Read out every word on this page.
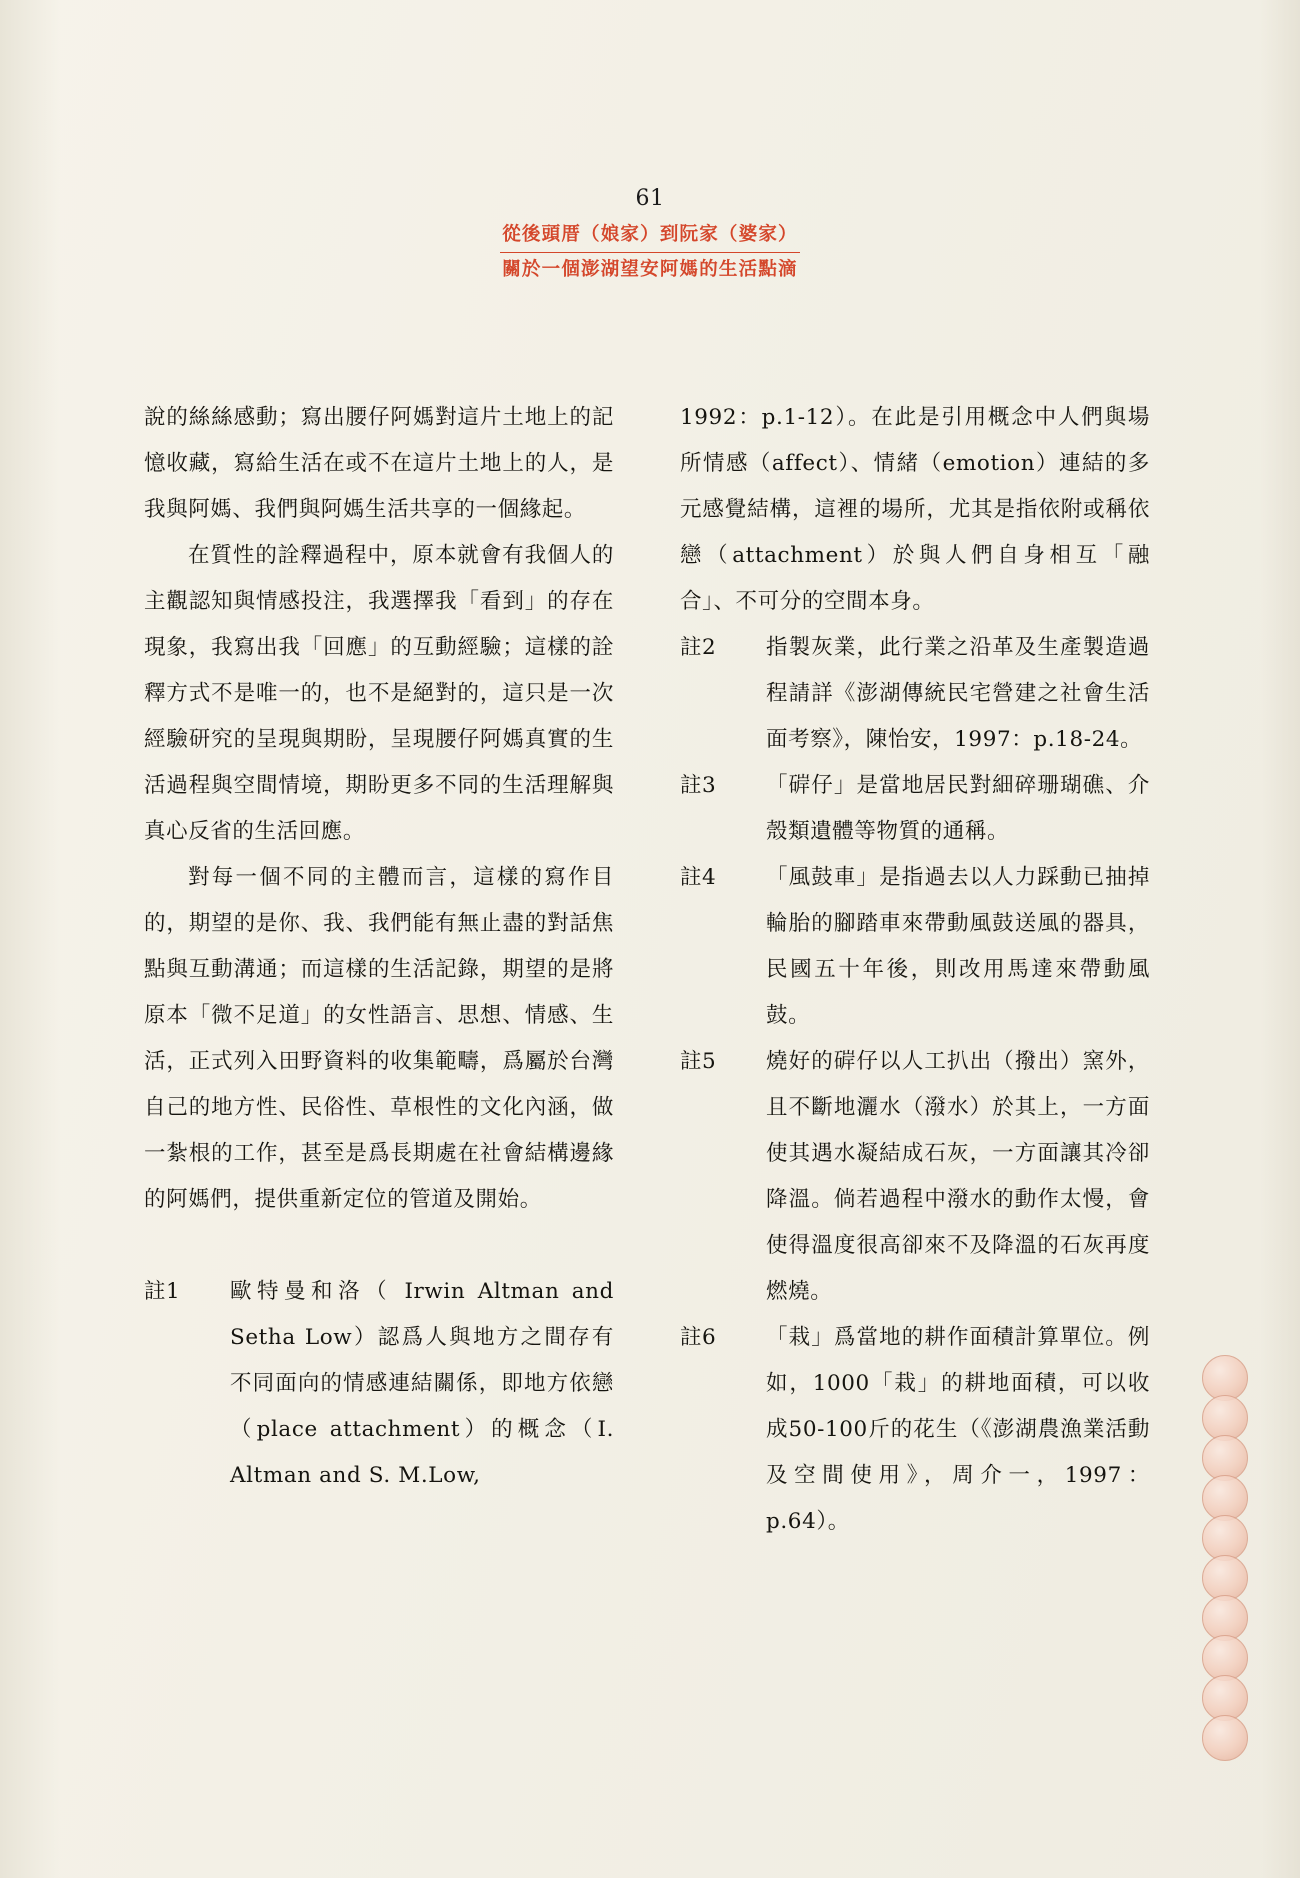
61
從後頭厝（娘家）到阮家（婆家）
關於一個澎湖望安阿媽的生活點滴

說的絲絲感動；寫出腰仔阿媽對這片土地上的記憶收藏，寫給生活在或不在這片土地上的人，是我與阿媽、我們與阿媽生活共享的一個緣起。

在質性的詮釋過程中，原本就會有我個人的主觀認知與情感投注，我選擇我「看到」的存在現象，我寫出我「回應」的互動經驗；這樣的詮釋方式不是唯一的，也不是絕對的，這只是一次經驗研究的呈現與期盼，呈現腰仔阿媽真實的生活過程與空間情境，期盼更多不同的生活理解與真心反省的生活回應。

對每一個不同的主體而言，這樣的寫作目的，期望的是你、我、我們能有無止盡的對話焦點與互動溝通；而這樣的生活記錄，期望的是將原本「微不足道」的女性語言、思想、情感、生活，正式列入田野資料的收集範疇，爲屬於台灣自己的地方性、民俗性、草根性的文化內涵，做一紮根的工作，甚至是爲長期處在社會結構邊緣的阿媽們，提供重新定位的管道及開始。

註1	歐特曼和洛（ Irwin Altman and Setha Low）認爲人與地方之間存有不同面向的情感連結關係，即地方依戀（place attachment）的概念（I. Altman and S. M.Low,

1992：p.1-12）。在此是引用概念中人們與場所情感（affect）、情緒（emotion）連結的多元感覺結構，這裡的場所，尤其是指依附或稱依戀（attachment）於與人們自身相互「融合」、不可分的空間本身。

註2	指製灰業，此行業之沿革及生產製造過程請詳《澎湖傳統民宅營建之社會生活面考察》，陳怡安，1997：p.18-24。
註3	「硸仔」是當地居民對細碎珊瑚礁、介殼類遺體等物質的通稱。
註4	「風鼓車」是指過去以人力踩動已抽掉輪胎的腳踏車來帶動風鼓送風的器具，民國五十年後，則改用馬達來帶動風鼓。
註5	燒好的硸仔以人工扒出（撥出）窯外，且不斷地灑水（潑水）於其上，一方面使其遇水凝結成石灰，一方面讓其冷卻降溫。倘若過程中潑水的動作太慢，會使得溫度很高卻來不及降溫的石灰再度燃燒。
註6	「栽」爲當地的耕作面積計算單位。例如，1000「栽」的耕地面積，可以收成50-100斤的花生（《澎湖農漁業活動及空間使用》，周介一，1997：p.64）。
